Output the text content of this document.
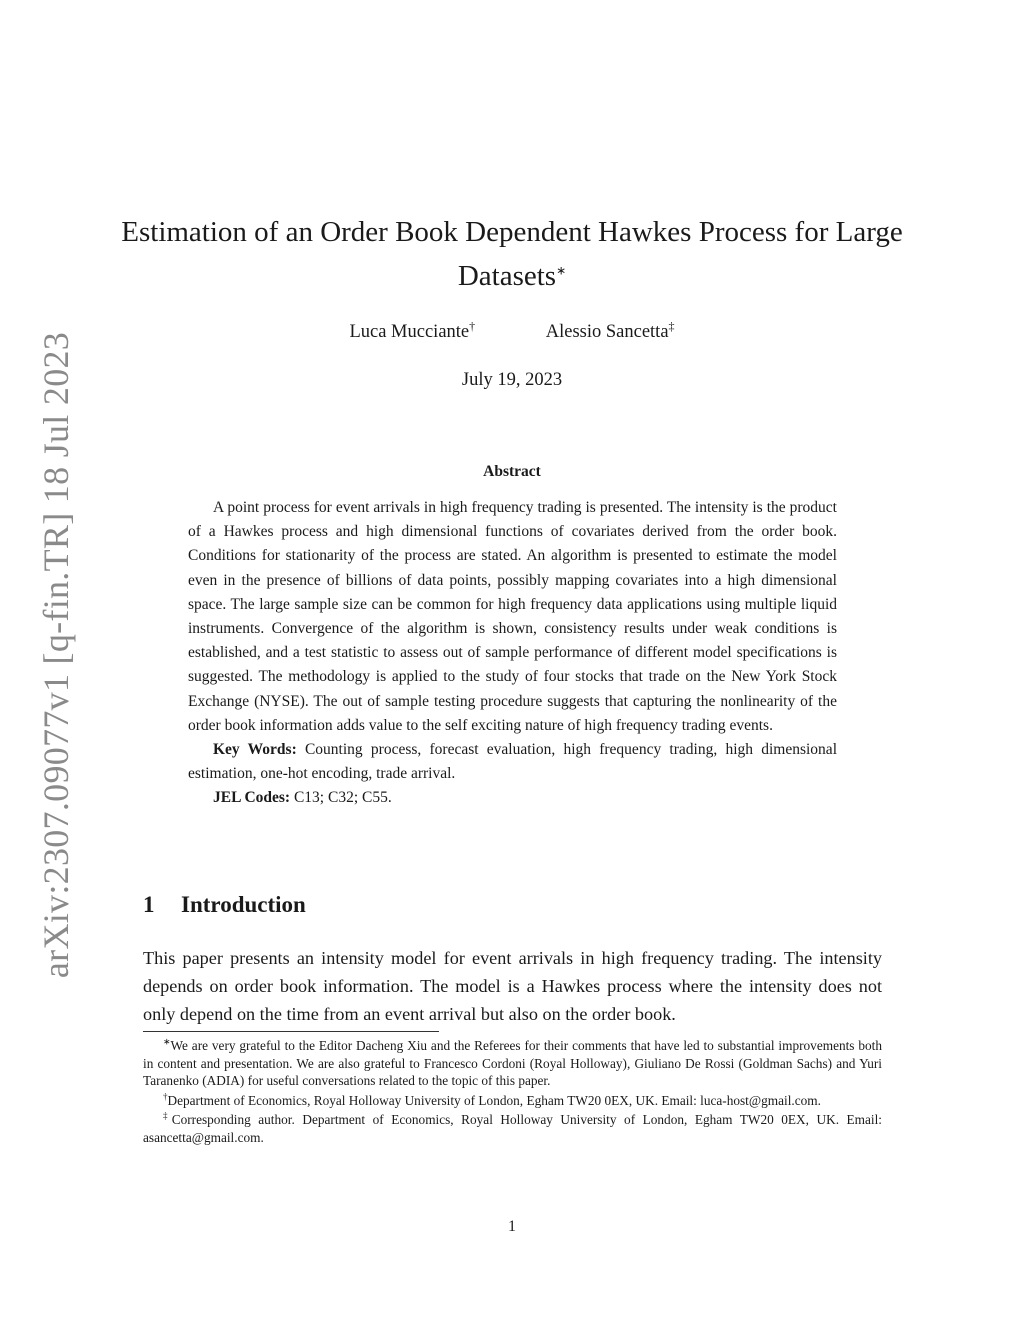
arXiv:2307.09077v1 [q-fin.TR] 18 Jul 2023
Estimation of an Order Book Dependent Hawkes Process for Large Datasets∗
Luca Mucciante†	Alessio Sancetta‡
July 19, 2023
Abstract

A point process for event arrivals in high frequency trading is presented. The intensity is the product of a Hawkes process and high dimensional functions of covariates derived from the order book. Conditions for stationarity of the process are stated. An algorithm is presented to estimate the model even in the presence of billions of data points, possibly mapping covariates into a high dimensional space. The large sample size can be common for high frequency data applications using multiple liquid instruments. Convergence of the algorithm is shown, consistency results under weak conditions is established, and a test statistic to assess out of sample performance of different model specifications is suggested. The methodology is applied to the study of four stocks that trade on the New York Stock Exchange (NYSE). The out of sample testing procedure suggests that capturing the nonlinearity of the order book information adds value to the self exciting nature of high frequency trading events.

Key Words: Counting process, forecast evaluation, high frequency trading, high dimensional estimation, one-hot encoding, trade arrival.

JEL Codes: C13; C32; C55.

1 Introduction

This paper presents an intensity model for event arrivals in high frequency trading. The intensity depends on order book information. The model is a Hawkes process where the intensity does not only depend on the time from an event arrival but also on the order book.

∗We are very grateful to the Editor Dacheng Xiu and the Referees for their comments that have led to substantial improvements both in content and presentation. We are also grateful to Francesco Cordoni (Royal Holloway), Giuliano De Rossi (Goldman Sachs) and Yuri Taranenko (ADIA) for useful conversations related to the topic of this paper.

†Department of Economics, Royal Holloway University of London, Egham TW20 0EX, UK. Email: luca-host@gmail.com.

‡Corresponding author. Department of Economics, Royal Holloway University of London, Egham TW20 0EX, UK. Email: asancetta@gmail.com.

1
